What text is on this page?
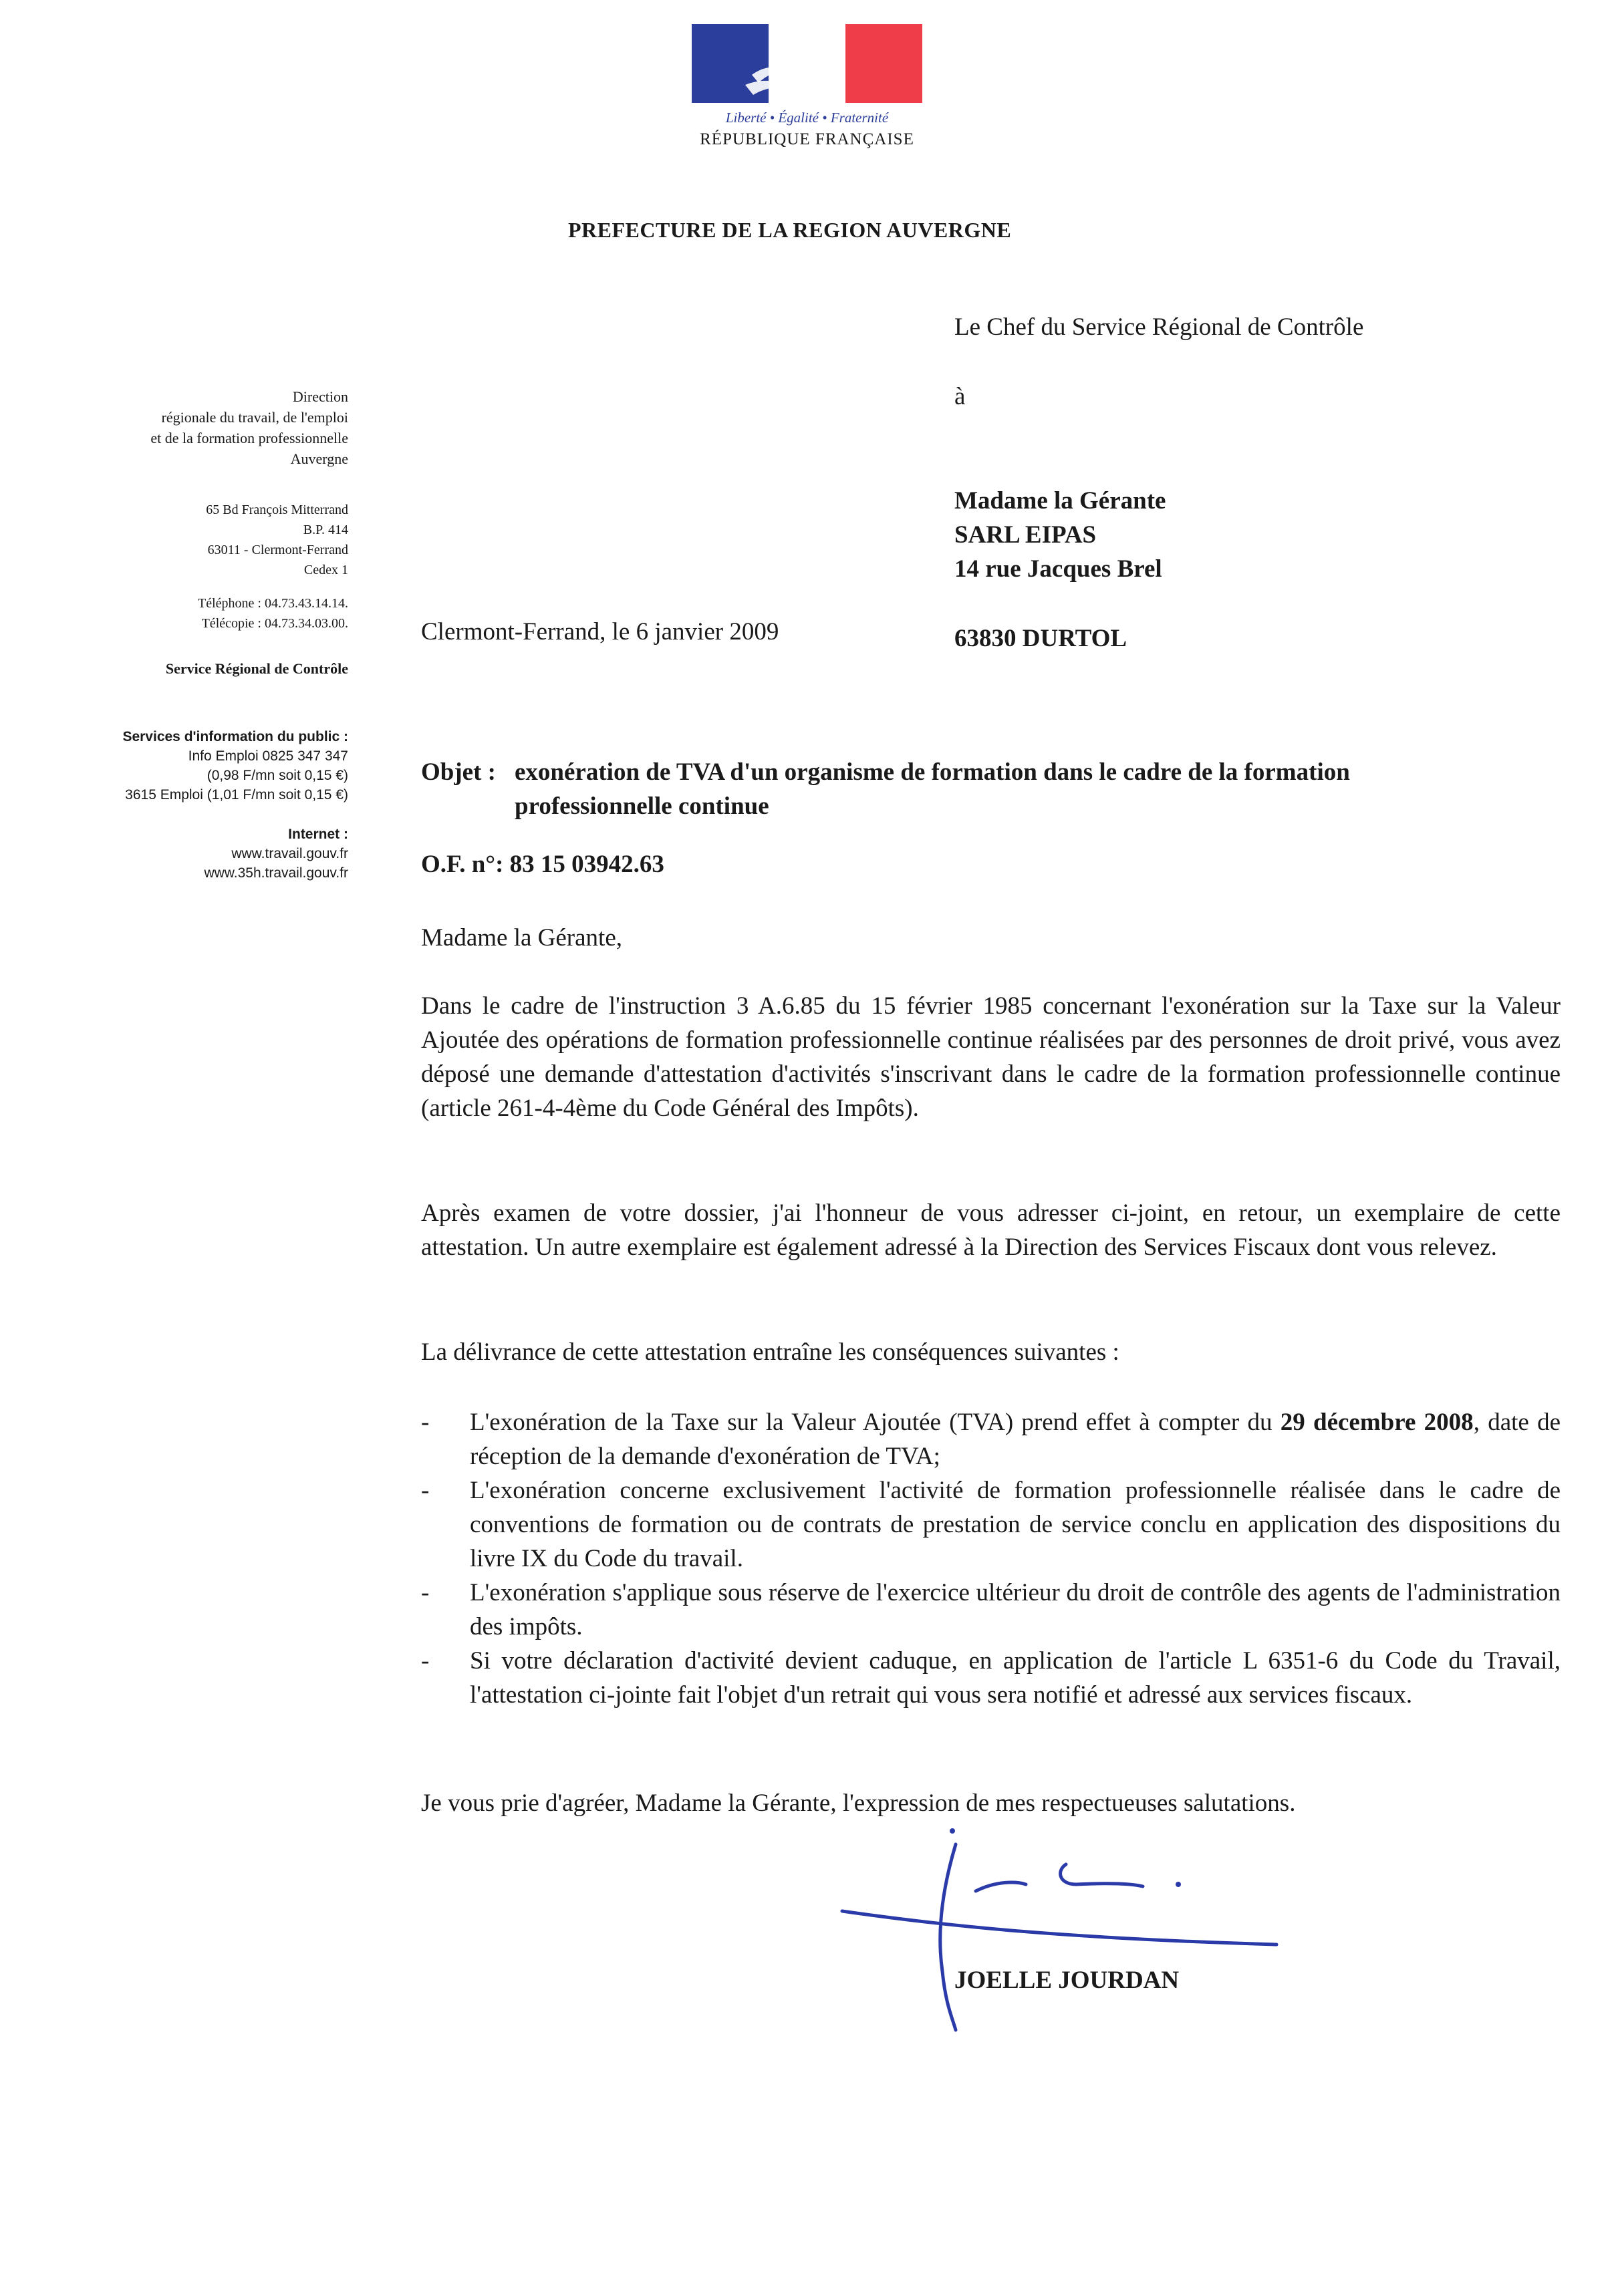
Liberté • Égalité • Fraternité
RÉPUBLIQUE FRANÇAISE
PREFECTURE DE LA REGION AUVERGNE
Direction
régionale du travail, de l'emploi
et de la formation professionnelle
Auvergne
65 Bd François Mitterrand
B.P. 414
63011 - Clermont-Ferrand
Cedex 1
Téléphone : 04.73.43.14.14.
Télécopie : 04.73.34.03.00.
Service Régional de Contrôle
Services d'information du public :
Info Emploi 0825 347 347
(0,98 F/mn soit 0,15 €)
3615 Emploi (1,01 F/mn soit 0,15 €)
Internet :
www.travail.gouv.fr
www.35h.travail.gouv.fr
Le Chef du Service Régional de Contrôle
à
Madame la Gérante
SARL EIPAS
14 rue Jacques Brel
63830 DURTOL
Clermont-Ferrand, le 6 janvier 2009
Objet : exonération de TVA d'un organisme de formation dans le cadre de la formation
professionnelle continue
O.F. n°: 83 15 03942.63
Madame la Gérante,
Dans le cadre de l'instruction 3 A.6.85 du 15 février 1985 concernant l'exonération sur la Taxe sur la Valeur Ajoutée des opérations de formation professionnelle continue réalisées par des personnes de droit privé, vous avez déposé une demande d'attestation d'activités s'inscrivant dans le cadre de la formation professionnelle continue (article 261-4-4ème du Code Général des Impôts).
Après examen de votre dossier, j'ai l'honneur de vous adresser ci-joint, en retour, un exemplaire de cette attestation. Un autre exemplaire est également adressé à la Direction des Services Fiscaux dont vous relevez.
La délivrance de cette attestation entraîne les conséquences suivantes :
- L'exonération de la Taxe sur la Valeur Ajoutée (TVA) prend effet à compter du 29 décembre 2008, date de réception de la demande d'exonération de TVA;
- L'exonération concerne exclusivement l'activité de formation professionnelle réalisée dans le cadre de conventions de formation ou de contrats de prestation de service conclu en application des dispositions du livre IX du Code du travail.
- L'exonération s'applique sous réserve de l'exercice ultérieur du droit de contrôle des agents de l'administration des impôts.
- Si votre déclaration d'activité devient caduque, en application de l'article L 6351-6 du Code du Travail, l'attestation ci-jointe fait l'objet d'un retrait qui vous sera notifié et adressé aux services fiscaux.
Je vous prie d'agréer, Madame la Gérante, l'expression de mes respectueuses salutations.
JOELLE JOURDAN
